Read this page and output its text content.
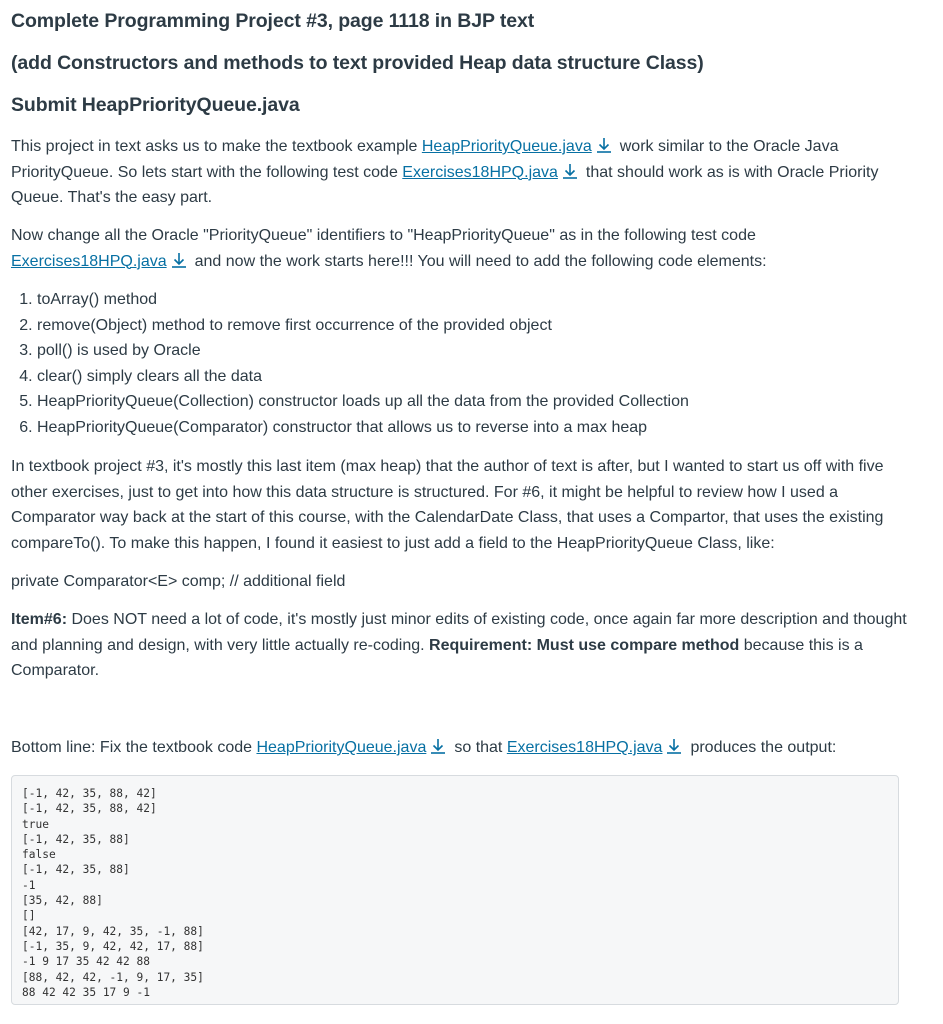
Complete Programming Project #3, page 1118 in BJP text
(add Constructors and methods to text provided Heap data structure Class)
Submit HeapPriorityQueue.java

This project in text asks us to make the textbook example HeapPriorityQueue.java work similar to the Oracle Java PriorityQueue. So lets start with the following test code Exercises18HPQ.java that should work as is with Oracle Priority Queue. That's the easy part.

Now change all the Oracle "PriorityQueue" identifiers to "HeapPriorityQueue" as in the following test code Exercises18HPQ.java and now the work starts here!!! You will need to add the following code elements:

1. toArray() method
2. remove(Object) method to remove first occurrence of the provided object
3. poll() is used by Oracle
4. clear() simply clears all the data
5. HeapPriorityQueue(Collection) constructor loads up all the data from the provided Collection
6. HeapPriorityQueue(Comparator) constructor that allows us to reverse into a max heap

In textbook project #3, it's mostly this last item (max heap) that the author of text is after, but I wanted to start us off with five other exercises, just to get into how this data structure is structured. For #6, it might be helpful to review how I used a Comparator way back at the start of this course, with the CalendarDate Class, that uses a Compartor, that uses the existing compareTo(). To make this happen, I found it easiest to just add a field to the HeapPriorityQueue Class, like:

private Comparator<E> comp; // additional field

Item#6: Does NOT need a lot of code, it's mostly just minor edits of existing code, once again far more description and thought and planning and design, with very little actually re-coding. Requirement: Must use compare method because this is a Comparator.

Bottom line: Fix the textbook code HeapPriorityQueue.java so that Exercises18HPQ.java produces the output:

[-1, 42, 35, 88, 42]
[-1, 42, 35, 88, 42]
true
[-1, 42, 35, 88]
false
[-1, 42, 35, 88]
-1
[35, 42, 88]
[]
[42, 17, 9, 42, 35, -1, 88]
[-1, 35, 9, 42, 42, 17, 88]
-1 9 17 35 42 42 88
[88, 42, 42, -1, 9, 17, 35]
88 42 42 35 17 9 -1
